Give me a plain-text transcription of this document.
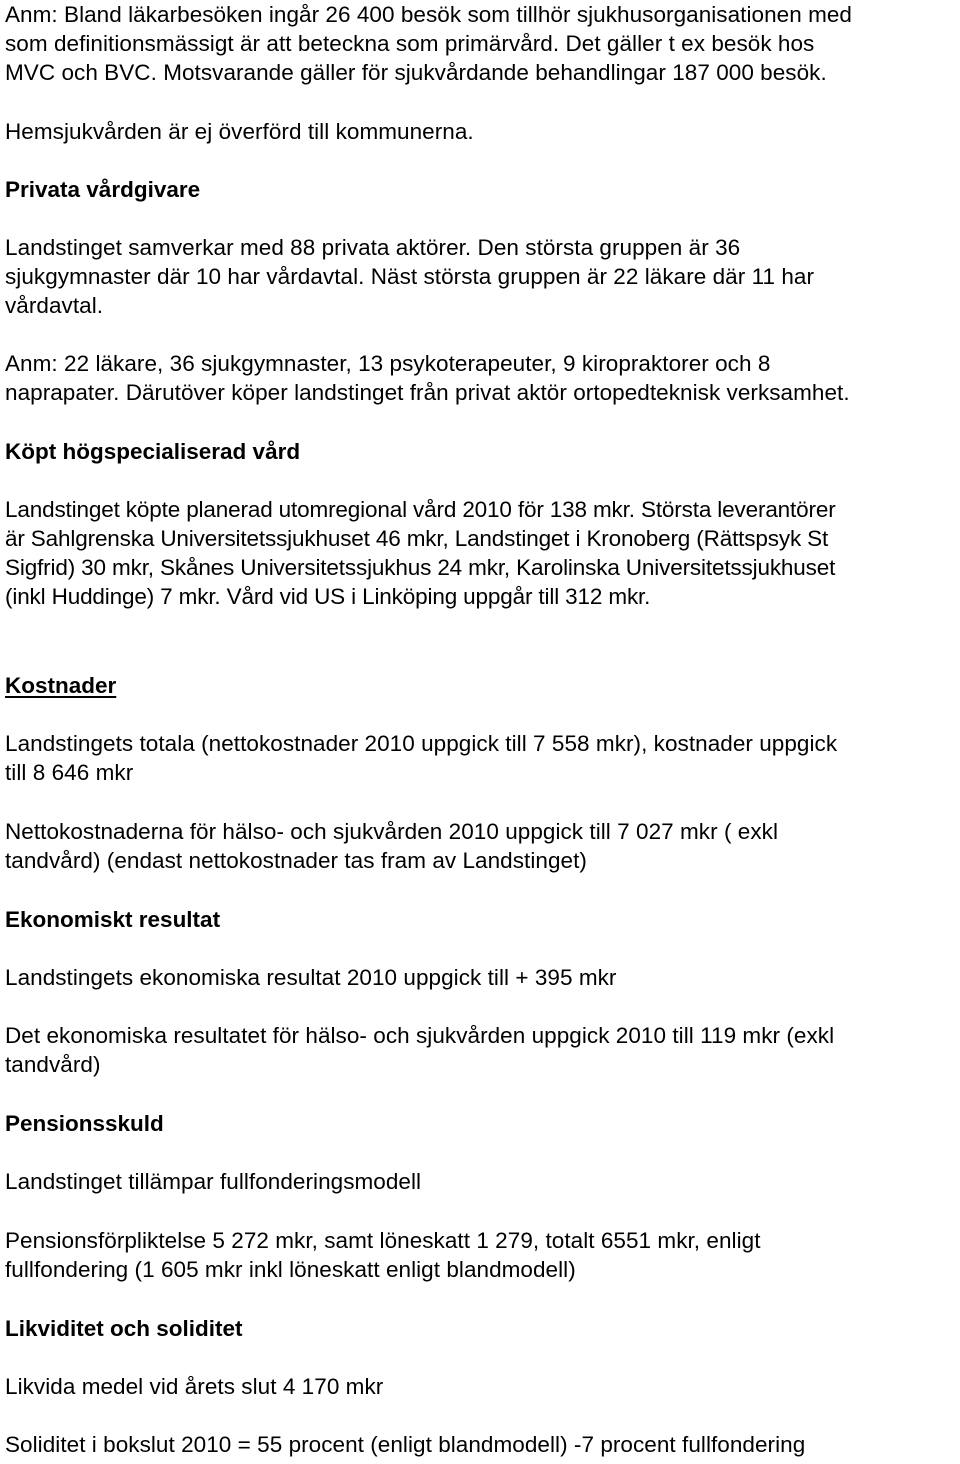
Anm: Bland läkarbesöken ingår 26 400 besök som tillhör sjukhusorganisationen med
som definitionsmässigt är att beteckna som primärvård. Det gäller t ex besök hos
MVC och BVC. Motsvarande gäller för sjukvårdande behandlingar 187 000 besök.

Hemsjukvården är ej överförd till kommunerna.

Privata vårdgivare

Landstinget samverkar med 88 privata aktörer. Den största gruppen är 36
sjukgymnaster där 10 har vårdavtal. Näst största gruppen är 22 läkare där 11 har
vårdavtal.

Anm: 22 läkare, 36 sjukgymnaster, 13 psykoterapeuter, 9 kiropraktorer och 8
naprapater. Därutöver köper landstinget från privat aktör ortopedteknisk verksamhet.

Köpt högspecialiserad vård

Landstinget köpte planerad utomregional vård 2010 för 138 mkr. Största leverantörer
är Sahlgrenska Universitetssjukhuset 46 mkr, Landstinget i Kronoberg (Rättspsyk St
Sigfrid) 30 mkr, Skånes Universitetssjukhus 24 mkr, Karolinska Universitetssjukhuset
(inkl Huddinge) 7 mkr. Vård vid US i Linköping uppgår till 312 mkr.

Kostnader

Landstingets totala (nettokostnader 2010 uppgick till 7 558 mkr), kostnader uppgick
till 8 646 mkr

Nettokostnaderna för hälso- och sjukvården 2010 uppgick till 7 027 mkr ( exkl
tandvård) (endast nettokostnader tas fram av Landstinget)

Ekonomiskt resultat

Landstingets ekonomiska resultat 2010 uppgick till + 395 mkr

Det ekonomiska resultatet för hälso- och sjukvården uppgick 2010 till 119 mkr (exkl
tandvård)

Pensionsskuld

Landstinget tillämpar fullfonderingsmodell

Pensionsförpliktelse 5 272 mkr, samt löneskatt 1 279, totalt 6551 mkr, enligt
fullfondering (1 605 mkr inkl löneskatt enligt blandmodell)

Likviditet och soliditet

Likvida medel vid årets slut 4 170 mkr

Soliditet i bokslut 2010 = 55 procent (enligt blandmodell) -7 procent fullfondering
